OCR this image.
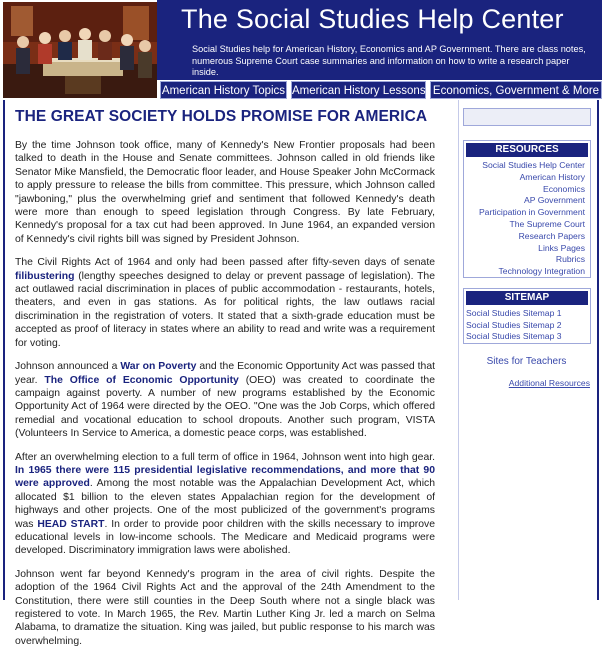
The Social Studies Help Center
Social Studies help for American History, Economics and AP Government. There are class notes, numerous Supreme Court case summaries and information on how to write a research paper inside.
American History Topics American History Lessons Economics, Government & More
THE GREAT SOCIETY HOLDS PROMISE FOR AMERICA

By the time Johnson took office, many of Kennedy's New Frontier proposals had been talked to death in the House and Senate committees. Johnson called in old friends like Senator Mike Mansfield, the Democratic floor leader, and House Speaker John McCormack to apply pressure to release the bills from committee. This pressure, which Johnson called "jawboning," plus the overwhelming grief and sentiment that followed Kennedy's death were more than enough to speed legislation through Congress. By late February, Kennedy's proposal for a tax cut had been approved. In June 1964, an expanded version of Kennedy's civil rights bill was signed by President Johnson.

The Civil Rights Act of 1964 and only had been passed after fifty-seven days of senate filibustering (lengthy speeches designed to delay or prevent passage of legislation). The act outlawed racial discrimination in places of public accommodation - restaurants, hotels, theaters, and even in gas stations. As for political rights, the law outlaws racial discrimination in the registration of voters. It stated that a sixth-grade education must be accepted as proof of literacy in states where an ability to read and write was a requirement for voting.

Johnson announced a War on Poverty and the Economic Opportunity Act was passed that year. The Office of Economic Opportunity (OEO) was created to coordinate the campaign against poverty. A number of new programs established by the Economic Opportunity Act of 1964 were directed by the OEO. "One was the Job Corps, which offered remedial and vocational education to school dropouts. Another such program, VISTA (Volunteers In Service to America, a domestic peace corps, was established.

After an overwhelming election to a full term of office in 1964, Johnson went into high gear. In 1965 there were 115 presidential legislative recommendations, and more that 90 were approved. Among the most notable was the Appalachian Development Act, which allocated $1 billion to the eleven states Appalachian region for the development of highways and other projects. One of the most publicized of the government's programs was HEAD START. In order to provide poor children with the skills necessary to improve educational levels in low-income schools. The Medicare and Medicaid programs were developed. Discriminatory immigration laws were abolished.

Johnson went far beyond Kennedy's program in the area of civil rights. Despite the adoption of the 1964 Civil Rights Act and the approval of the 24th Amendment to the Constitution, there were still counties in the Deep South where not a single black was registered to vote. In March 1965, the Rev. Martin Luther King Jr. led a march on Selma Alabama, to dramatize the situation. King was jailed, but public response to his march was overwhelming.

RESOURCES
Social Studies Help Center
American History
Economics
AP Government
Participation in Government
The Supreme Court
Research Papers
Links Pages
Rubrics
Technology Integration
SITEMAP
Social Studies Sitemap 1
Social Studies Sitemap 2
Social Studies Sitemap 3
Sites for Teachers
Additional Resources
